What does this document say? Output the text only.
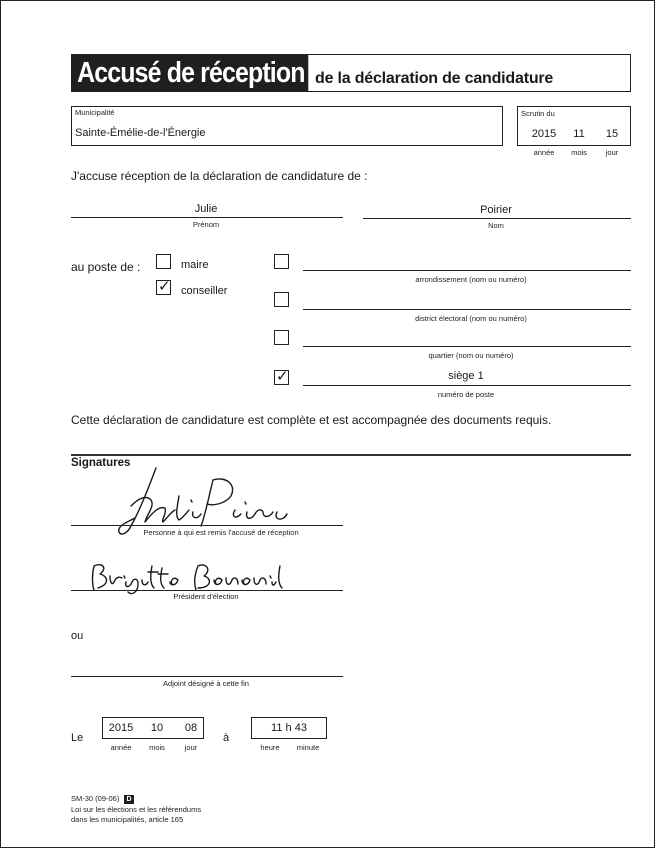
Accusé de réception de la déclaration de candidature
Municipalité
Sainte-Émélie-de-l'Énergie
Scrutin du
2015	11	15
année	mois	jour
J'accuse réception de la déclaration de candidature de :
Julie
Prénom
Poirier
Nom
au poste de :	maire
✓ conseiller
arrondissement (nom ou numéro)
district électoral (nom ou numéro)
quartier (nom ou numéro)
✓	siège 1
numéro de poste
Cette déclaration de candidature est complète et est accompagnée des documents requis.
Signatures
Personne à qui est remis l'accusé de réception
Président d'élection
ou
Adjoint désigné à cette fin
Le
2015	10	08
année	mois	jour
à
11 h 43
heure	minute
SM-30 (09-06) D
Loi sur les élections et les référendums
dans les municipalités, article 165
